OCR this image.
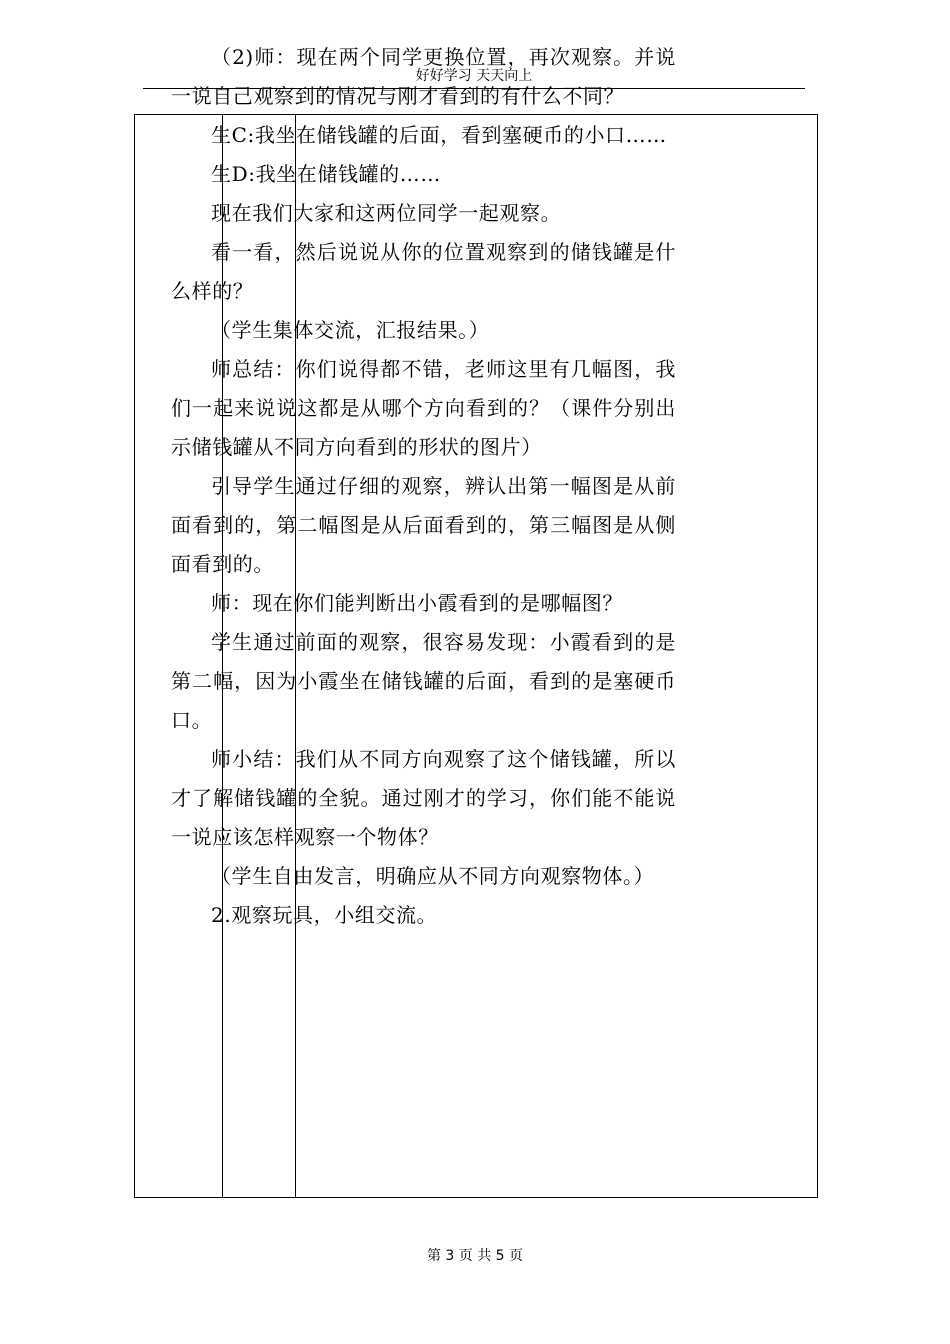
好好学习 天天向上

（2)师：现在两个同学更换位置，再次观察。并说一说自己观察到的情况与刚才看到的有什么不同？

生C:我坐在储钱罐的后面，看到塞硬币的小口……

生D:我坐在储钱罐的……

现在我们大家和这两位同学一起观察。

看一看，然后说说从你的位置观察到的储钱罐是什么样的？

（学生集体交流，汇报结果。）

师总结：你们说得都不错，老师这里有几幅图，我们一起来说说这都是从哪个方向看到的？（课件分别出示储钱罐从不同方向看到的形状的图片）

引导学生通过仔细的观察，辨认出第一幅图是从前面看到的，第二幅图是从后面看到的，第三幅图是从侧面看到的。

师：现在你们能判断出小霞看到的是哪幅图？

学生通过前面的观察，很容易发现：小霞看到的是第二幅，因为小霞坐在储钱罐的后面，看到的是塞硬币口。

师小结：我们从不同方向观察了这个储钱罐，所以才了解储钱罐的全貌。通过刚才的学习，你们能不能说一说应该怎样观察一个物体？

（学生自由发言，明确应从不同方向观察物体。）

2.观察玩具，小组交流。

第 3 页 共 5 页
